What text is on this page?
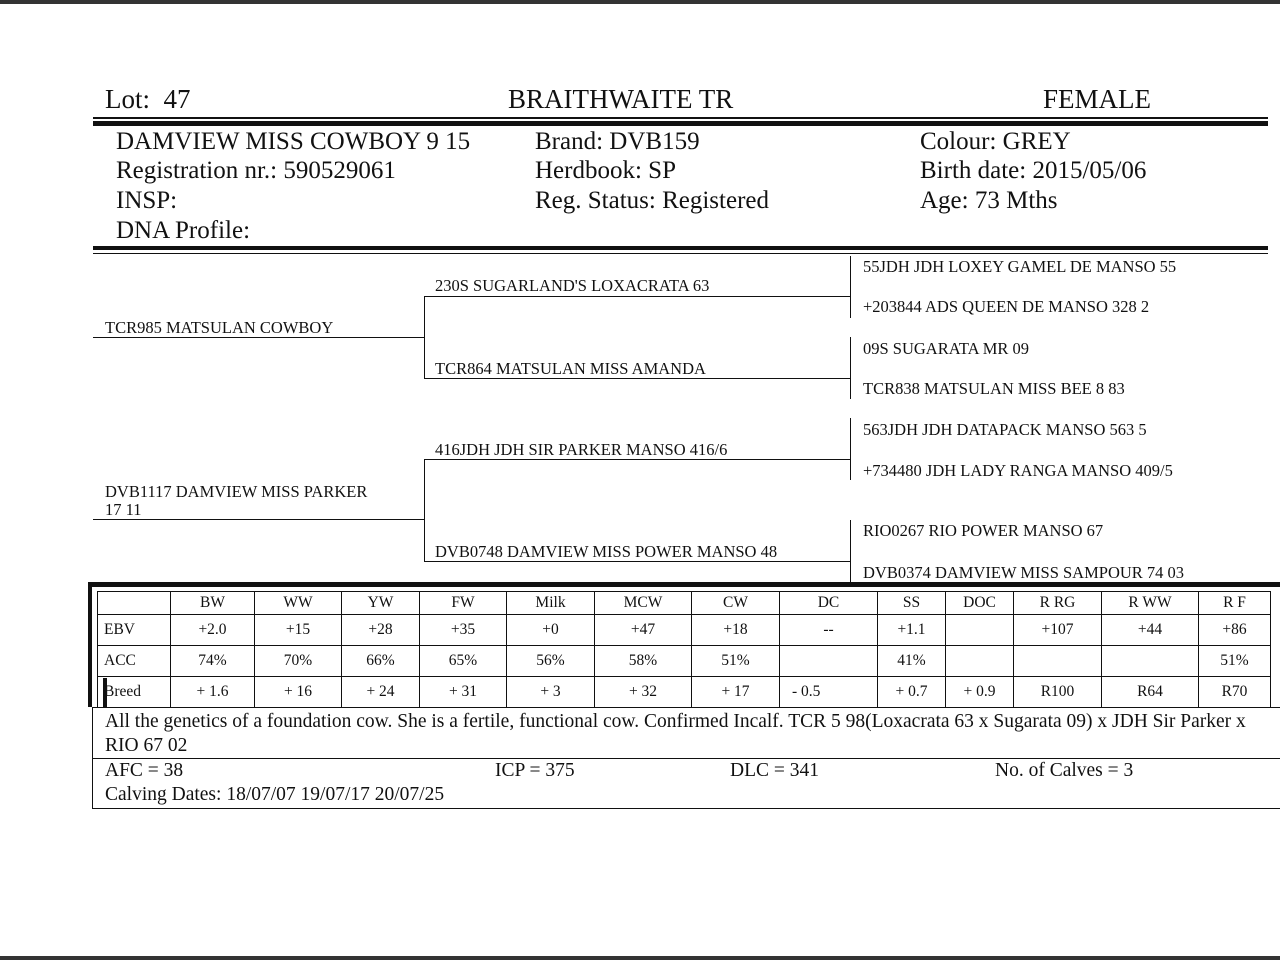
Lot: 47	BRAITHWAITE TR	FEMALE
DAMVIEW MISS COWBOY 9 15
Registration nr.: 590529061
INSP:
DNA Profile:
Brand: DVB159
Herdbook: SP
Reg. Status: Registered
Colour: GREY
Birth date: 2015/05/06
Age: 73 Mths
TCR985 MATSULAN COWBOY
DVB1117 DAMVIEW MISS PARKER
17 11
230S SUGARLAND'S LOXACRATA 63
TCR864 MATSULAN MISS AMANDA
416JDH JDH SIR PARKER MANSO 416/6
DVB0748 DAMVIEW MISS POWER MANSO 48
55JDH JDH LOXEY GAMEL DE MANSO 55
+203844 ADS QUEEN DE MANSO 328 2
09S SUGARATA MR 09
TCR838 MATSULAN MISS BEE 8 83
563JDH JDH DATAPACK MANSO 563 5
+734480 JDH LADY RANGA MANSO 409/5
RIO0267 RIO POWER MANSO 67
DVB0374 DAMVIEW MISS SAMPOUR 74 03
	BW	WW	YW	FW	Milk	MCW	CW	DC	SS	DOC	R RG	R WW	R F
EBV	+2.0	+15	+28	+35	+0	+47	+18	--	+1.1		+107	+44	+86
ACC	74%	70%	66%	65%	56%	58%	51%		41%				51%
Breed	+ 1.6	+ 16	+ 24	+ 31	+ 3	+ 32	+ 17	- 0.5	+ 0.7	+ 0.9	R100	R64	R70
All the genetics of a foundation cow. She is a fertile, functional cow. Confirmed Incalf. TCR 5 98(Loxacrata 63 x Sugarata 09) x JDH Sir Parker x RIO 67 02
AFC = 38	ICP = 375	DLC = 341	No. of Calves = 3
Calving Dates: 18/07/07 19/07/17 20/07/25
